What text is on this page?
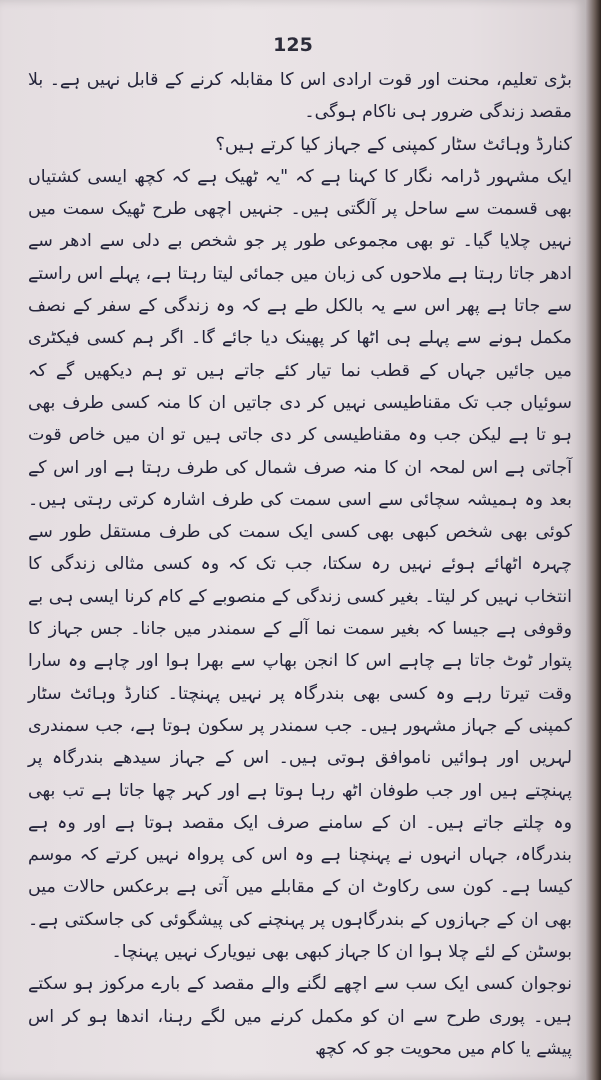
125

بڑی تعلیم، محنت اور قوت ارادی اس کا مقابلہ کرنے کے قابل نہیں ہے۔ بلا مقصد زندگی ضرور ہی ناکام ہوگی۔

کنارڈ وہائٹ سٹار کمپنی کے جہاز کیا کرتے ہیں؟

ایک مشہور ڈرامہ نگار کا کہنا ہے کہ "یہ ٹھیک ہے کہ کچھ ایسی کشتیاں بھی قسمت سے ساحل پر آلگتی ہیں۔ جنہیں اچھی طرح ٹھیک سمت میں نہیں چلایا گیا۔ تو بھی مجموعی طور پر جو شخص بے دلی سے ادھر سے ادھر جاتا رہتا ہے ملاحوں کی زبان میں جمائی لیتا رہتا ہے، پہلے اس راستے سے جاتا ہے پھر اس سے یہ بالکل طے ہے کہ وہ زندگی کے سفر کے نصف مکمل ہونے سے پہلے ہی اٹھا کر پھینک دیا جائے گا۔ اگر ہم کسی فیکٹری میں جائیں جہاں کے قطب نما تیار کئے جاتے ہیں تو ہم دیکھیں گے کہ سوئیاں جب تک مقناطیسی نہیں کر دی جاتیں ان کا منہ کسی طرف بھی ہو تا ہے لیکن جب وہ مقناطیسی کر دی جاتی ہیں تو ان میں خاص قوت آجاتی ہے اس لمحہ ان کا منہ صرف شمال کی طرف رہتا ہے اور اس کے بعد وہ ہمیشہ سچائی سے اسی سمت کی طرف اشارہ کرتی رہتی ہیں۔ کوئی بھی شخص کبھی بھی کسی ایک سمت کی طرف مستقل طور سے چہرہ اٹھائے ہوئے نہیں رہ سکتا، جب تک کہ وہ کسی مثالی زندگی کا انتخاب نہیں کر لیتا۔ بغیر کسی زندگی کے منصوبے کے کام کرنا ایسی ہی بے وقوفی ہے جیسا کہ بغیر سمت نما آلے کے سمندر میں جانا۔ جس جہاز کا پتوار ٹوٹ جاتا ہے چاہے اس کا انجن بھاپ سے بھرا ہوا اور چاہے وہ سارا وقت تیرتا رہے وہ کسی بھی بندرگاہ پر نہیں پہنچتا۔ کنارڈ وہائٹ سٹار کمپنی کے جہاز مشہور ہیں۔ جب سمندر پر سکون ہوتا ہے، جب سمندری لہریں اور ہوائیں ناموافق ہوتی ہیں۔ اس کے جہاز سیدھے بندرگاہ پر پہنچتے ہیں اور جب طوفان اٹھ رہا ہوتا ہے اور کہر چھا جاتا ہے تب بھی وہ چلتے جاتے ہیں۔ ان کے سامنے صرف ایک مقصد ہوتا ہے اور وہ ہے بندرگاہ، جہاں انہوں نے پہنچنا ہے وہ اس کی پرواہ نہیں کرتے کہ موسم کیسا ہے۔ کون سی رکاوٹ ان کے مقابلے میں آتی ہے برعکس حالات میں بھی ان کے جہازوں کے بندرگاہوں پر پہنچنے کی پیشگوئی کی جاسکتی ہے۔ بوسٹن کے لئے چلا ہوا ان کا جہاز کبھی بھی نیویارک نہیں پہنچا۔

نوجوان کسی ایک سب سے اچھے لگنے والے مقصد کے بارے مرکوز ہو سکتے ہیں۔ پوری طرح سے ان کو مکمل کرنے میں لگے رہنا، اندھا ہو کر اس پیشے یا کام میں محویت جو کہ کچھ
